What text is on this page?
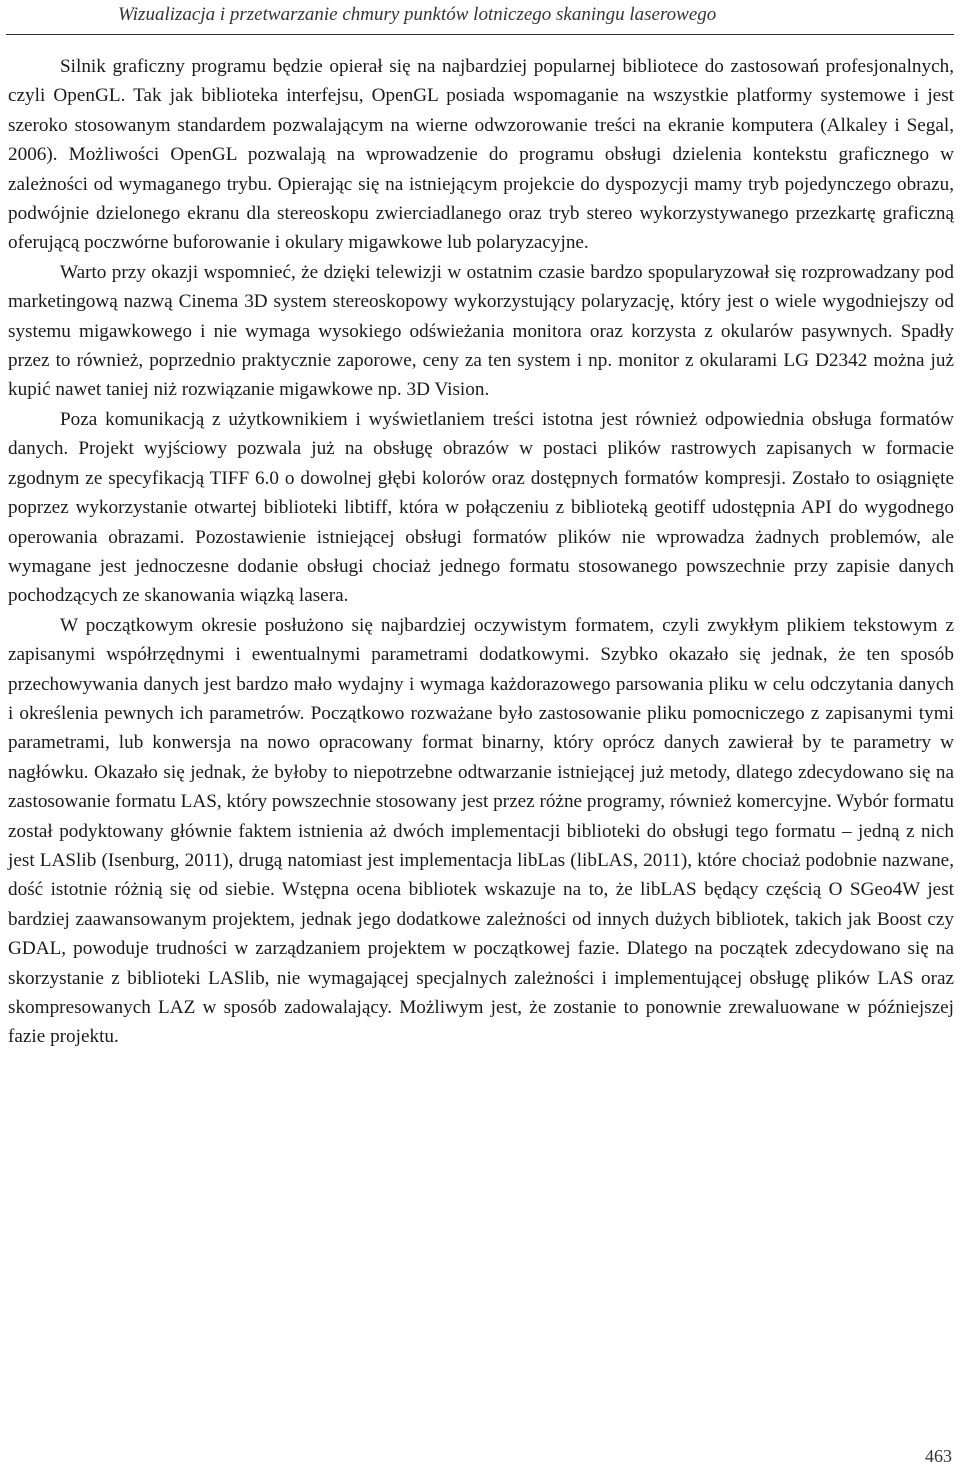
Wizualizacja i przetwarzanie chmury punktów lotniczego skaningu laserowego

Silnik graficzny programu będzie opierał się na najbardziej popularnej bibliotece do zastosowań profesjonalnych, czyli OpenGL. Tak jak biblioteka interfejsu, OpenGL posiada wspomaganie na wszystkie platformy systemowe i jest szeroko stosowanym standardem pozwalającym na wierne odwzorowanie treści na ekranie komputera (Alkaley i Segal, 2006). Możliwości OpenGL pozwalają na wprowadzenie do programu obsługi dzielenia kontekstu graficznego w zależności od wymaganego trybu. Opierając się na istniejącym projekcie do dyspozycji mamy tryb pojedynczego obrazu, podwójnie dzielonego ekranu dla stereoskopu zwierciadlanego oraz tryb stereo wykorzystywanego przezkartę graficzną oferującą poczwórne buforowanie i okulary migawkowe lub polaryzacyjne.

Warto przy okazji wspomnieć, że dzięki telewizji w ostatnim czasie bardzo spopularyzował się rozprowadzany pod marketingową nazwą Cinema 3D system stereoskopowy wykorzystujący polaryzację, który jest o wiele wygodniejszy od systemu migawkowego i nie wymaga wysokiego odświeżania monitora oraz korzysta z okularów pasywnych. Spadły przez to również, poprzednio praktycznie zaporowe, ceny za ten system i np. monitor z okularami LG D2342 można już kupić nawet taniej niż rozwiązanie migawkowe np. 3D Vision.

Poza komunikacją z użytkownikiem i wyświetlaniem treści istotna jest również odpowiednia obsługa formatów danych. Projekt wyjściowy pozwala już na obsługę obrazów w postaci plików rastrowych zapisanych w formacie zgodnym ze specyfikacją TIFF 6.0 o dowolnej głębi kolorów oraz dostępnych formatów kompresji. Zostało to osiągnięte poprzez wykorzystanie otwartej biblioteki libtiff, która w połączeniu z biblioteką geotiff udostępnia API do wygodnego operowania obrazami. Pozostawienie istniejącej obsługi formatów plików nie wprowadza żadnych problemów, ale wymagane jest jednoczesne dodanie obsługi chociaż jednego formatu stosowanego powszechnie przy zapisie danych pochodzących ze skanowania wiązką lasera.

W początkowym okresie posłużono się najbardziej oczywistym formatem, czyli zwykłym plikiem tekstowym z zapisanymi współrzędnymi i ewentualnymi parametrami dodatkowymi. Szybko okazało się jednak, że ten sposób przechowywania danych jest bardzo mało wydajny i wymaga każdorazowego parsowania pliku w celu odczytania danych i określenia pewnych ich parametrów. Początkowo rozważane było zastosowanie pliku pomocniczego z zapisanymi tymi parametrami, lub konwersja na nowo opracowany format binarny, który oprócz danych zawierał by te parametry w nagłówku. Okazało się jednak, że byłoby to niepotrzebne odtwarzanie istniejącej już metody, dlatego zdecydowano się na zastosowanie formatu LAS, który powszechnie stosowany jest przez różne programy, również komercyjne. Wybór formatu został podyktowany głównie faktem istnienia aż dwóch implementacji biblioteki do obsługi tego formatu – jedną z nich jest LASlib (Isenburg, 2011), drugą natomiast jest implementacja libLas (libLAS, 2011), które chociaż podobnie nazwane, dość istotnie różnią się od siebie. Wstępna ocena bibliotek wskazuje na to, że libLAS będący częścią O SGeo4W jest bardziej zaawansowanym projektem, jednak jego dodatkowe zależności od innych dużych bibliotek, takich jak Boost czy GDAL, powoduje trudności w zarządzaniem projektem w początkowej fazie. Dlatego na początek zdecydowano się na skorzystanie z biblioteki LASlib, nie wymagającej specjalnych zależności i implementującej obsługę plików LAS oraz skompresowanych LAZ w sposób zadowalający. Możliwym jest, że zostanie to ponownie zrewaluowane w późniejszej fazie projektu.

463
